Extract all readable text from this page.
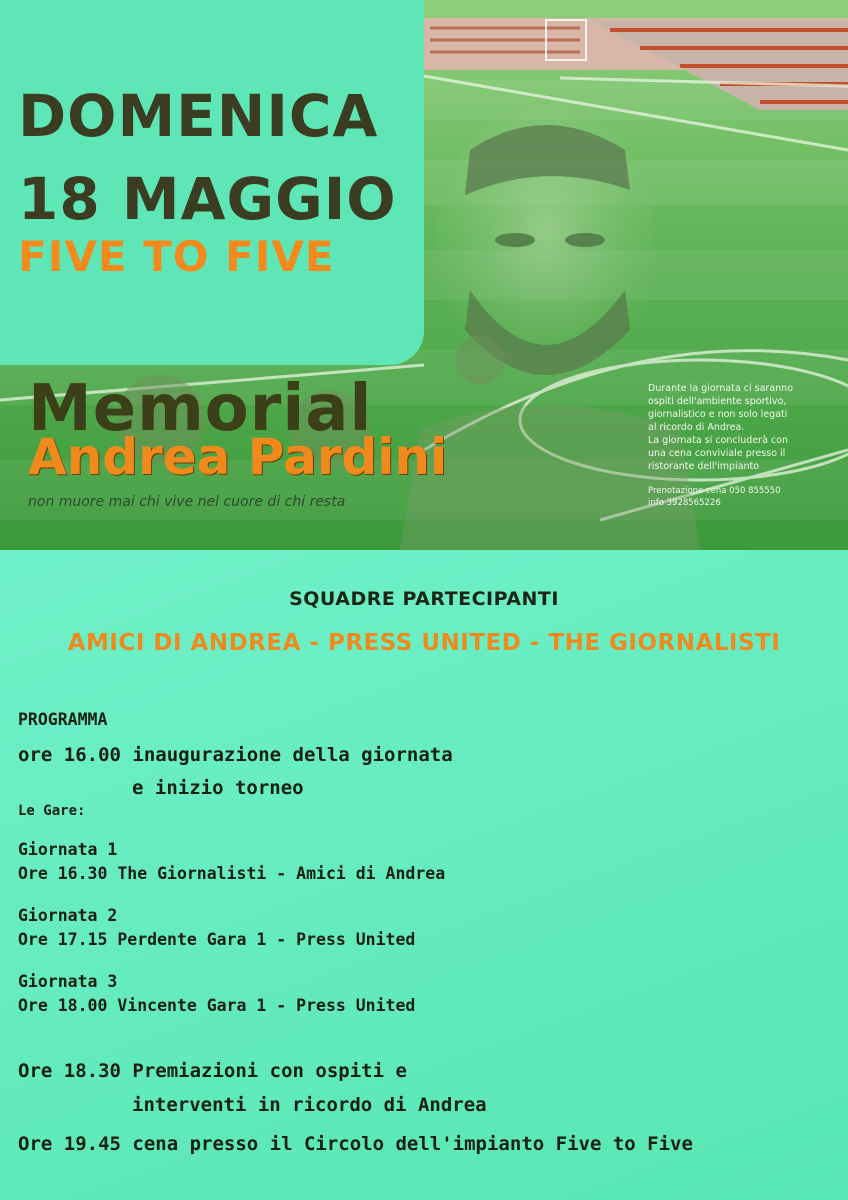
DOMENICA
18 MAGGIO
FIVE TO FIVE
Memorial
Andrea Pardini

non muore mai chi vive nel cuore di chi resta

Durante la giornata ci saranno

ospiti dell'ambiente sportivo,

giornalistico e non solo legati

al ricordo di Andrea.

La giornata si concluderà con

una cena conviviale presso il

ristorante dell'impianto

Prenotazione cena 050 855550

info 3928565226

SQUADRE PARTECIPANTI
AMICI DI ANDREA - PRESS UNITED - THE GIORNALISTI

PROGRAMMA

ore 16.00 inaugurazione della giornata

e inizio torneo

Le Gare:

Giornata 1

Ore 16.30 The Giornalisti - Amici di Andrea

Giornata 2

Ore 17.15 Perdente Gara 1 - Press United

Giornata 3

Ore 18.00 Vincente Gara 1 - Press United

Ore 18.30 Premiazioni con ospiti e

interventi in ricordo di Andrea

Ore 19.45 cena presso il Circolo dell'impianto Five to Five
